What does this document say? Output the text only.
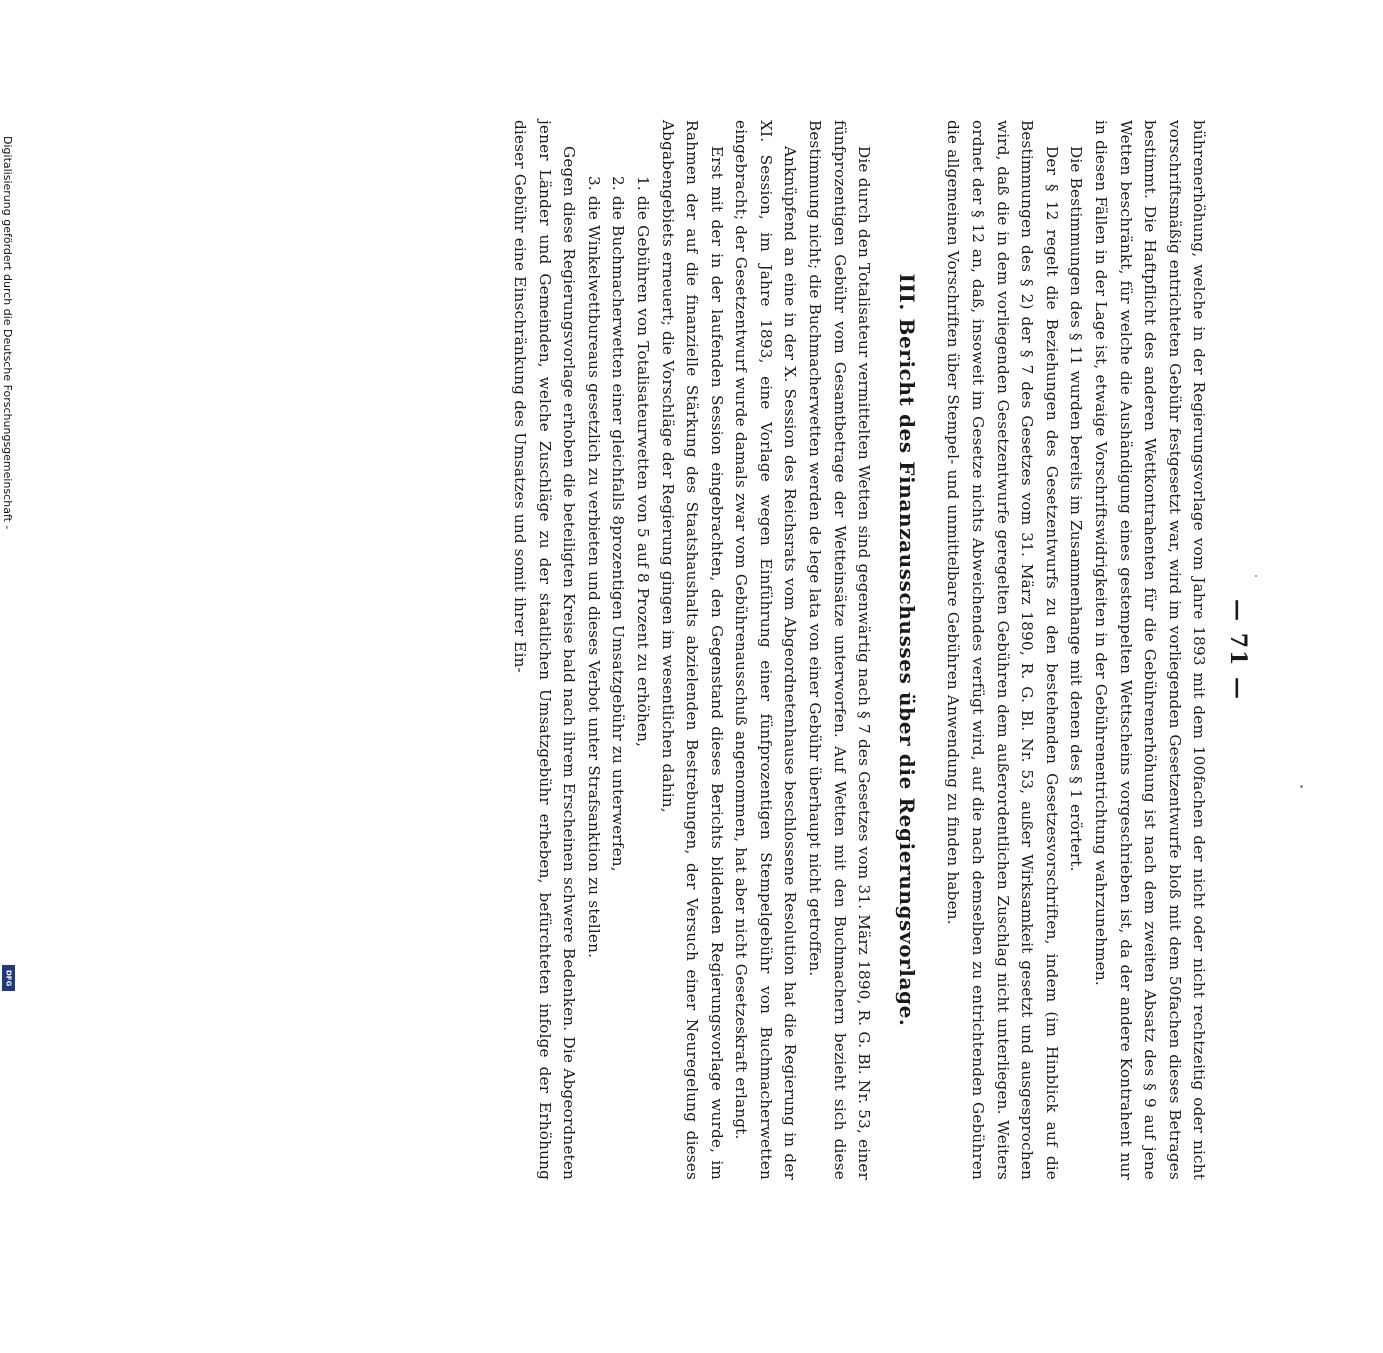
— 71 —

bührenerhöhung, welche in der Regierungsvorlage vom Jahre 1893 mit dem 100fachen der nicht oder nicht rechtzeitig oder nicht vorschriftsmäßig entrichteten Gebühr festgesetzt war, wird im vorliegenden Gesetzentwurfe bloß mit dem 50fachen dieses Betrages bestimmt. Die Haftpflicht des anderen Wettkontrahenten für die Gebührenerhöhung ist nach dem zweiten Absatz des § 9 auf jene Wetten beschränkt, für welche die Aushändigung eines gestempelten Wettscheins vorgeschrieben ist, da der andere Kontrahent nur in diesen Fällen in der Lage ist, etwaige Vorschriftswidrigkeiten in der Gebührenentrichtung wahrzunehmen.

Die Bestimmungen des § 11 wurden bereits im Zusammenhange mit denen des § 1 erörtert.

Der § 12 regelt die Beziehungen des Gesetzentwurfs zu den bestehenden Gesetzesvorschriften, indem (im Hinblick auf die Bestimmungen des § 2) der § 7 des Gesetzes vom 31. März 1890, R. G. Bl. Nr. 53, außer Wirksamkeit gesetzt und ausgesprochen wird, daß die in dem vorliegenden Gesetzentwurfe geregelten Gebühren dem außerordentlichen Zuschlag nicht unterliegen. Weiters ordnet der § 12 an, daß, insoweit im Gesetze nichts Abweichendes verfügt wird, auf die nach demselben zu entrichtenden Gebühren die allgemeinen Vorschriften über Stempel- und unmittelbare Gebühren Anwendung zu finden haben.

III. Bericht des Finanzausschusses über die Regierungsvorlage.

Die durch den Totalisateur vermittelten Wetten sind gegenwärtig nach § 7 des Gesetzes vom 31. März 1890, R. G. Bl. Nr. 53, einer fünfprozentigen Gebühr vom Gesamtbetrage der Wetteinsätze unterworfen. Auf Wetten mit den Buchmachern bezieht sich diese Bestimmung nicht; die Buchmacherwetten werden de lege lata von einer Gebühr überhaupt nicht getroffen.

Anknüpfend an eine in der X. Session des Reichsrats vom Abgeordnetenhause beschlossene Resolution hat die Regierung in der XI. Session, im Jahre 1893, eine Vorlage wegen Einführung einer fünfprozentigen Stempelgebühr von Buchmacherwetten eingebracht; der Gesetzentwurf wurde damals zwar vom Gebührenausschuß angenommen, hat aber nicht Gesetzeskraft erlangt.

Erst mit der in der laufenden Session eingebrachten, den Gegenstand dieses Berichts bildenden Regierungsvorlage wurde, im Rahmen der auf die finanzielle Stärkung des Staatshaushalts abzielenden Bestrebungen, der Versuch einer Neuregelung dieses Abgabengebiets erneuert; die Vorschläge der Regierung gingen im wesentlichen dahin,

1. die Gebühren von Totalisateurwetten von 5 auf 8 Prozent zu erhöhen,
2. die Buchmacherwetten einer gleichfalls 8prozentigen Umsatzgebühr zu unterwerfen,
3. die Winkelwettbureaus gesetzlich zu verbieten und dieses Verbot unter Strafsanktion zu stellen.

Gegen diese Regierungsvorlage erhoben die beteiligten Kreise bald nach ihrem Erscheinen schwere Bedenken. Die Abgeordneten jener Länder und Gemeinden, welche Zuschläge zu der staatlichen Umsatzgebühr erheben, befürchteten infolge der Erhöhung dieser Gebühr eine Einschränkung des Umsatzes und somit ihrer Ein-

Digitalisierung gefördert durch die Deutsche Forschungsgemeinschaft -
DFG
